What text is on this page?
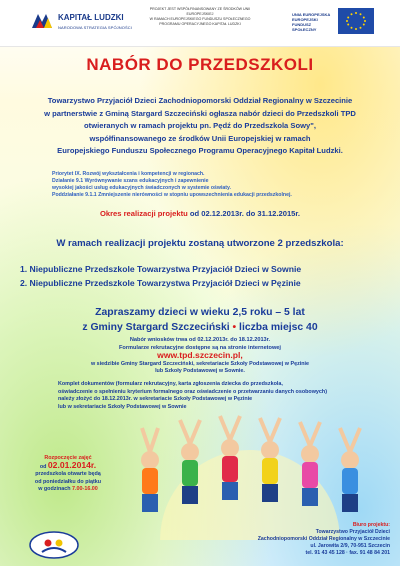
KAPITAŁ LUDZKI
NARODOWA STRATEGIA SPÓJNOŚCI
PROJEKT JEST WSPÓŁFINANSOWANY ZE ŚRODKÓW UNII EUROPEJSKIEJ
W RAMACH EUROPEJSKIEGO FUNDUSZU SPOŁECZNEGO
PROGRAMU OPERACYJNEGO KAPITAŁ LUDZKI
UNIA EUROPEJSKA
EUROPEJSKI FUNDUSZ SPOŁECZNY
NABÓR DO PRZEDSZKOLI
Towarzystwo Przyjaciół Dzieci Zachodniopomorski Oddział Regionalny w Szczecinie
w partnerstwie z Gminą Stargard Szczeciński ogłasza nabór dzieci do Przedszkoli TPD
otwieranych w ramach projektu pn. Pędź do Przedszkola Sowy",
współfinansowanego ze środków Unii Europejskiej w ramach
Europejskiego Funduszu Społecznego Programu Operacyjnego Kapitał Ludzki.
Priorytet IX. Rozwój wykształcenia i kompetencji w regionach.
Działanie 9.1 Wyrównywanie szans edukacyjnych i zapewnienie
wysokiej jakości usług edukacyjnych świadczonych w systemie oświaty.
Poddziałanie 9.1.1 Zmniejszenie nierówności w stopniu upowszechnienia edukacji przedszkolnej.
Okres realizacji projektu od 02.12.2013r. do 31.12.2015r.
W ramach realizacji projektu zostaną utworzone 2 przedszkola:
1. Niepubliczne Przedszkole Towarzystwa Przyjaciół Dzieci w Sownie
2. Niepubliczne Przedszkole Towarzystwa Przyjaciół Dzieci w Pęzinie
Zapraszamy dzieci w wieku 2,5 roku – 5 lat
z Gminy Stargard Szczeciński • liczba miejsc 40
Nabór wniosków trwa od 02.12.2013r. do 18.12.2013r.
Formularze rekrutacyjne dostępne są na stronie internetowej
www.tpd.szczecin.pl,
w siedzibie Gminy Stargard Szczeciński, sekretariacie Szkoły Podstawowej w Pęzinie
lub Szkoły Podstawowej w Sownie.
Komplet dokumentów (formularz rekrutacyjny, karta zgłoszenia dziecka do przedszkola,
oświadczenie o spełnieniu kryterium formalnego oraz oświadczenie o przetwarzaniu danych osobowych)
należy złożyć do 18.12.2013r. w sekretariacie Szkoły Podstawowej w Pęzinie
lub w sekretariacie Szkoły Podstawowej w Sownie
Rozpoczęcie zajęć
od 02.01.2014r.
przedszkola otwarte będą
od poniedziałku do piątku
w godzinach 7.00-16.00
Biuro projektu:
Towarzystwo Przyjaciół Dzieci
Zachodniopomorski Oddział Regionalny w Szczecinie
ul. Jarowita 2/9, 70-951 Szczecin
tel. 91 43 45 128 · fax. 91 48 84 201
